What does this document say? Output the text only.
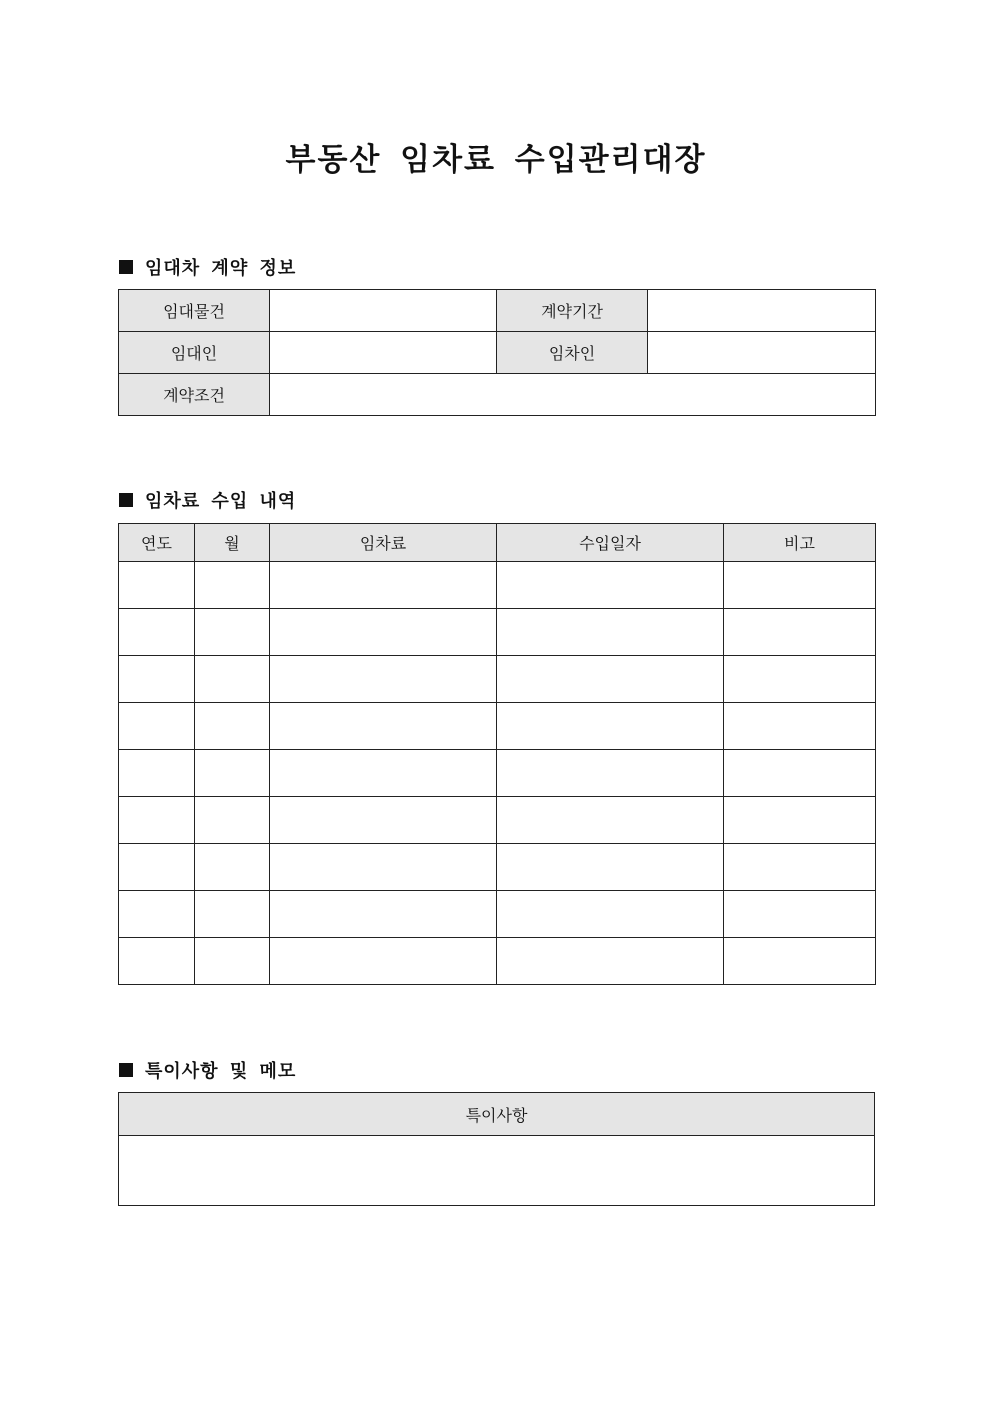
부동산 임차료 수입관리대장
임대차 계약 정보
임대물건		계약기간	
임대인		임차인	
계약조건			
임차료 수입 내역
연도	월	임차료	수입일자	비고

특이사항 및 메모
특이사항
